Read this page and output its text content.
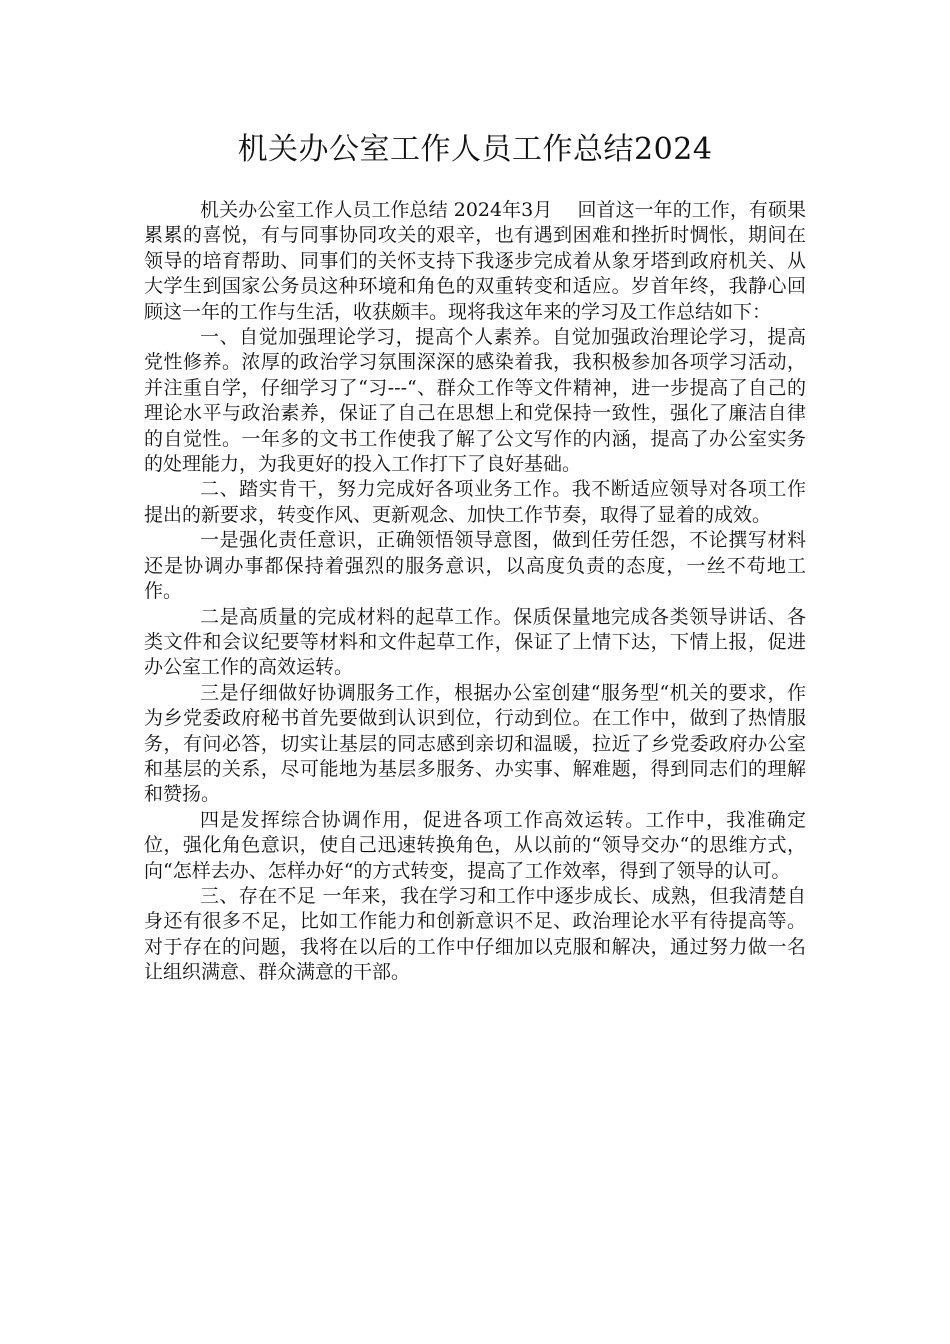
机关办公室工作人员工作总结2024

机关办公室工作人员工作总结 2024年3月　 回首这一年的工作，有硕果累累的喜悦，有与同事协同攻关的艰辛，也有遇到困难和挫折时惆怅，期间在领导的培育帮助、同事们的关怀支持下我逐步完成着从象牙塔到政府机关、从大学生到国家公务员这种环境和角色的双重转变和适应。岁首年终，我静心回顾这一年的工作与生活，收获颇丰。现将我这年来的学习及工作总结如下：

一、自觉加强理论学习，提高个人素养。自觉加强政治理论学习，提高党性修养。浓厚的政治学习氛围深深的感染着我，我积极参加各项学习活动，并注重自学，仔细学习了“习---“、群众工作等文件精神，进一步提高了自己的理论水平与政治素养，保证了自己在思想上和党保持一致性，强化了廉洁自律的自觉性。一年多的文书工作使我了解了公文写作的内涵，提高了办公室实务的处理能力，为我更好的投入工作打下了良好基础。

二、踏实肯干，努力完成好各项业务工作。我不断适应领导对各项工作提出的新要求，转变作风、更新观念、加快工作节奏，取得了显着的成效。

一是强化责任意识，正确领悟领导意图，做到任劳任怨，不论撰写材料还是协调办事都保持着强烈的服务意识，以高度负责的态度，一丝不苟地工作。

二是高质量的完成材料的起草工作。保质保量地完成各类领导讲话、各类文件和会议纪要等材料和文件起草工作，保证了上情下达，下情上报，促进办公室工作的高效运转。

三是仔细做好协调服务工作，根据办公室创建“服务型“机关的要求，作为乡党委政府秘书首先要做到认识到位，行动到位。在工作中，做到了热情服务，有问必答，切实让基层的同志感到亲切和温暖，拉近了乡党委政府办公室和基层的关系，尽可能地为基层多服务、办实事、解难题，得到同志们的理解和赞扬。

四是发挥综合协调作用，促进各项工作高效运转。工作中，我准确定位，强化角色意识，使自己迅速转换角色，从以前的“领导交办“的思维方式，向“怎样去办、怎样办好“的方式转变，提高了工作效率，得到了领导的认可。

三、存在不足 一年来，我在学习和工作中逐步成长、成熟，但我清楚自身还有很多不足，比如工作能力和创新意识不足、政治理论水平有待提高等。对于存在的问题，我将在以后的工作中仔细加以克服和解决，通过努力做一名让组织满意、群众满意的干部。
